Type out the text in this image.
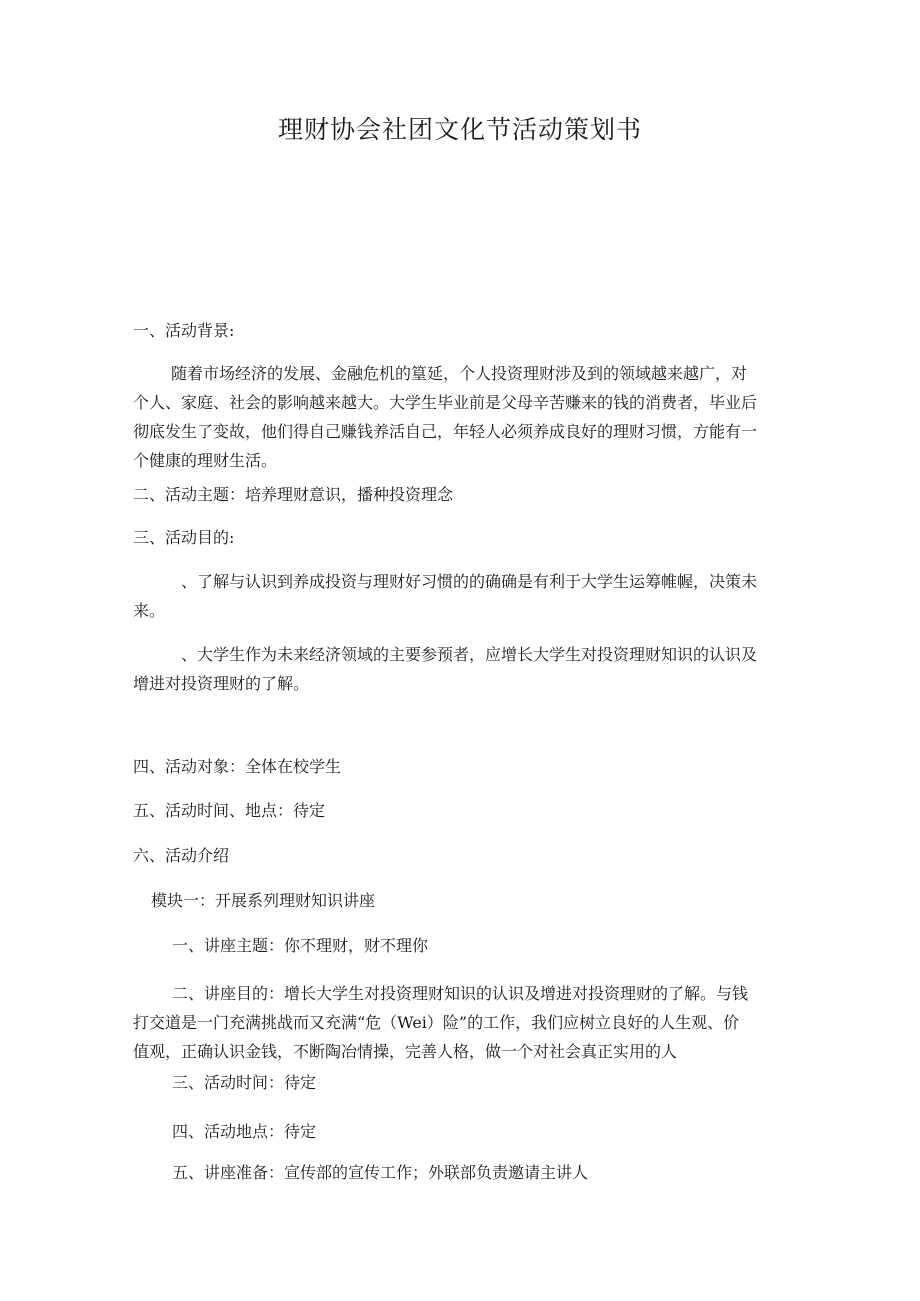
理财协会社团文化节活动策划书
一、活动背景:
随着市场经济的发展、金融危机的篁延，个人投资理财涉及到的领域越来越广，对
个人、家庭、社会的影响越来越大。大学生毕业前是父母辛苦赚来的钱的消费者，毕业后
彻底发生了变故，他们得自己赚钱养活自己，年轻人必须养成良好的理财习惯，方能有一
个健康的理财生活。
二、活动主题：培养理财意识，播种投资理念
三、活动目的:
、了解与认识到养成投资与理财好习惯的的确确是有利于大学生运筹帷幄，决策未
来。
、大学生作为未来经济领域的主要参预者，应增长大学生对投资理财知识的认识及
增进对投资理财的了解。
四、活动对象：全体在校学生
五、活动时间、地点：待定
六、活动介绍
模块一：开展系列理财知识讲座
一、讲座主题：你不理财，财不理你
二、讲座目的：增长大学生对投资理财知识的认识及增进对投资理财的了解。与钱
打交道是一门充满挑战而又充满“危（Wei）险”的工作，我们应树立良好的人生观、价
值观，正确认识金钱，不断陶冶情操，完善人格，做一个对社会真正实用的人
三、活动时间：待定
四、活动地点：待定
五、讲座准备：宣传部的宣传工作；外联部负责邀请主讲人
